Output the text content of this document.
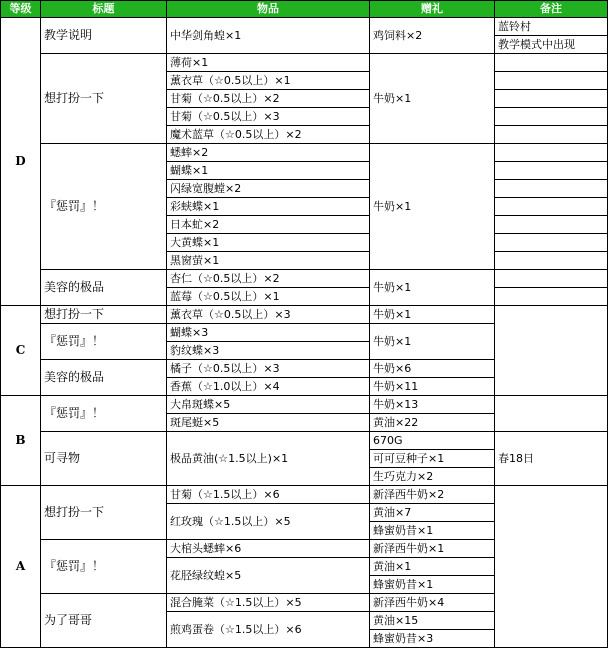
等级	标题	物品	赠礼	备注
D	教学说明	中华剑角蝗×1	鸡饲料×2	蓝铃村
				教学模式中出现
	想打扮一下	薄荷×1	牛奶×1	
		薰衣草（☆0.5以上）×1		
		甘菊（☆0.5以上）×2		
		甘菊（☆0.5以上）×3		
		魔术蓝草（☆0.5以上）×2		
	『惩罚』！	蟋蟀×2	牛奶×1	
		蝴蝶×1		
		闪绿宽腹螳×2		
		彩蛱蝶×1		
		日本虻×2		
		大黄蝶×1		
		黑窗萤×1		
	美容的极品	杏仁（☆0.5以上）×2	牛奶×1	
		蓝莓（☆0.5以上）×1		
C	想打扮一下	薰衣草（☆0.5以上）×3	牛奶×1	
	『惩罚』！	蝴蝶×3	牛奶×1	
		豹纹蝶×3		
	美容的极品	橘子（☆0.5以上）×3	牛奶×6	
		香蕉（☆1.0以上）×4	牛奶×11	
B	『惩罚』！	大帛斑蝶×5	牛奶×13	
		斑尾蜓×5	黄油×22	
	可寻物	极品黄油(☆1.5以上)×1	670G	春18日
			可可豆种子×1	
			生巧克力×2	
A	想打扮一下	甘菊（☆1.5以上）×6	新泽西牛奶×2	
		红玫瑰（☆1.5以上）×5	黄油×7	
			蜂蜜奶昔×1	
	『惩罚』！	大棺头蟋蟀×6	新泽西牛奶×1	
		花胫绿纹蝗×5	黄油×1	
			蜂蜜奶昔×1	
	为了哥哥	混合腌菜（☆1.5以上）×5	新泽西牛奶×4	
		煎鸡蛋卷（☆1.5以上）×6	黄油×15	
			蜂蜜奶昔×3	
